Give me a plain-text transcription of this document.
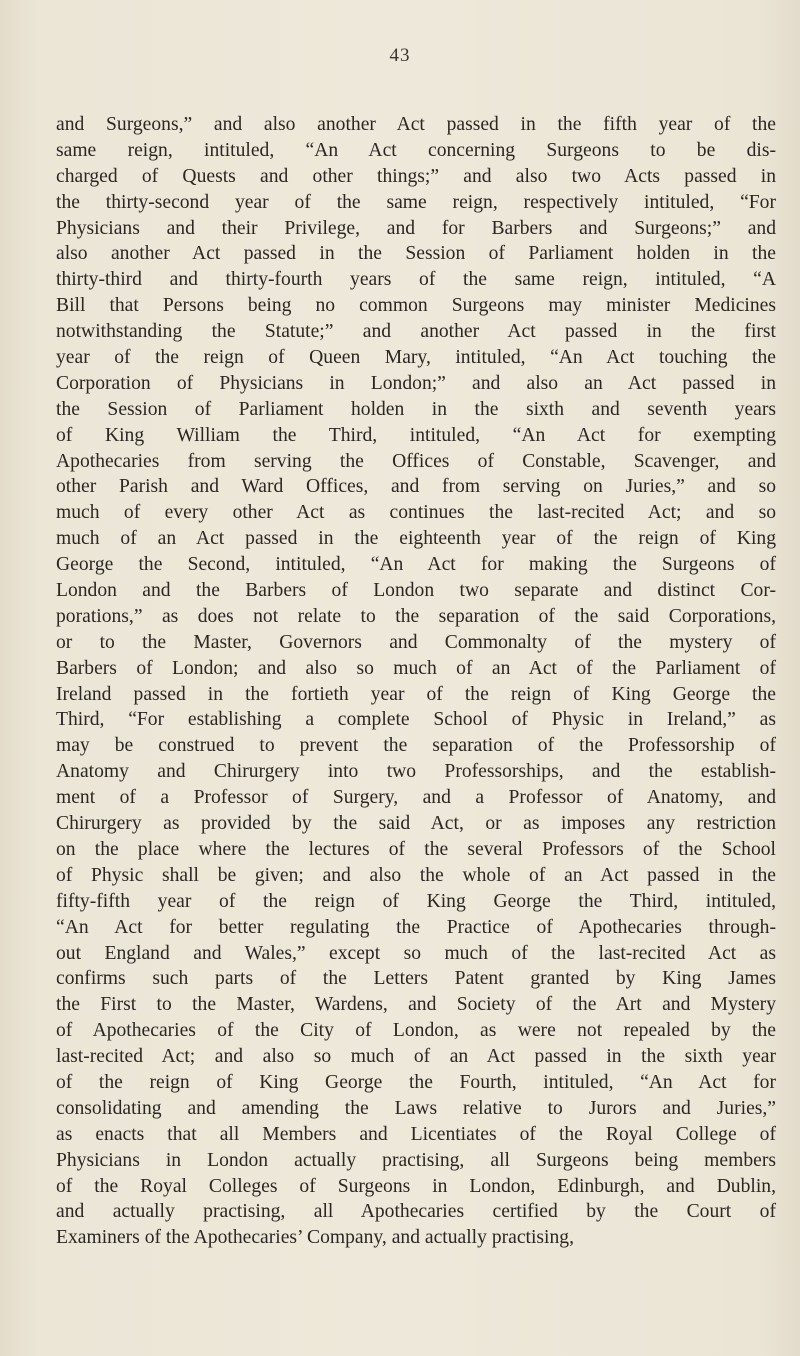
43
and Surgeons,” and also another Act passed in the fifth year of the
same reign, intituled, “An Act concerning Surgeons to be dis-
charged of Quests and other things;” and also two Acts passed in
the thirty-second year of the same reign, respectively intituled, “For
Physicians and their Privilege, and for Barbers and Surgeons;” and
also another Act passed in the Session of Parliament holden in the
thirty-third and thirty-fourth years of the same reign, intituled, “A
Bill that Persons being no common Surgeons may minister Medicines
notwithstanding the Statute;” and another Act passed in the first
year of the reign of Queen Mary, intituled, “An Act touching the
Corporation of Physicians in London;” and also an Act passed in
the Session of Parliament holden in the sixth and seventh years
of King William the Third, intituled, “An Act for exempting
Apothecaries from serving the Offices of Constable, Scavenger, and
other Parish and Ward Offices, and from serving on Juries,” and so
much of every other Act as continues the last-recited Act; and so
much of an Act passed in the eighteenth year of the reign of King
George the Second, intituled, “An Act for making the Surgeons of
London and the Barbers of London two separate and distinct Cor-
porations,” as does not relate to the separation of the said Corporations,
or to the Master, Governors and Commonalty of the mystery of
Barbers of London; and also so much of an Act of the Parliament of
Ireland passed in the fortieth year of the reign of King George the
Third, “For establishing a complete School of Physic in Ireland,” as
may be construed to prevent the separation of the Professorship of
Anatomy and Chirurgery into two Professorships, and the establish-
ment of a Professor of Surgery, and a Professor of Anatomy, and
Chirurgery as provided by the said Act, or as imposes any restriction
on the place where the lectures of the several Professors of the School
of Physic shall be given; and also the whole of an Act passed in the
fifty-fifth year of the reign of King George the Third, intituled,
“An Act for better regulating the Practice of Apothecaries through-
out England and Wales,” except so much of the last-recited Act as
confirms such parts of the Letters Patent granted by King James
the First to the Master, Wardens, and Society of the Art and Mystery
of Apothecaries of the City of London, as were not repealed by the
last-recited Act; and also so much of an Act passed in the sixth year
of the reign of King George the Fourth, intituled, “An Act for
consolidating and amending the Laws relative to Jurors and Juries,”
as enacts that all Members and Licentiates of the Royal College of
Physicians in London actually practising, all Surgeons being members
of the Royal Colleges of Surgeons in London, Edinburgh, and Dublin,
and actually practising, all Apothecaries certified by the Court of
Examiners of the Apothecaries’ Company, and actually practising,
